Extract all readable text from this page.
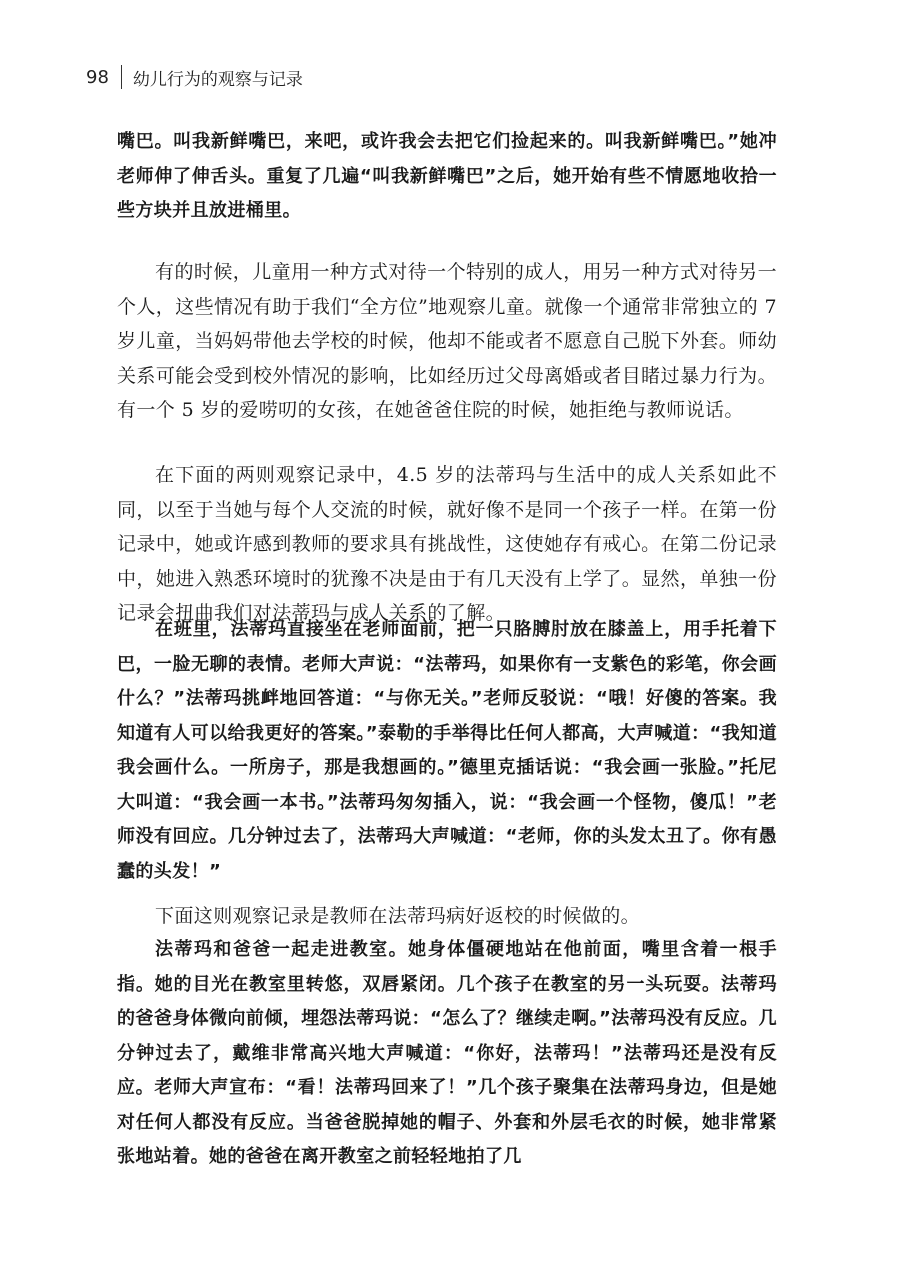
98 幼儿行为的观察与记录

嘴巴。叫我新鲜嘴巴，来吧，或许我会去把它们捡起来的。叫我新鲜嘴巴。”她冲老师伸了伸舌头。重复了几遍“叫我新鲜嘴巴”之后，她开始有些不情愿地收拾一些方块并且放进桶里。

有的时候，儿童用一种方式对待一个特别的成人，用另一种方式对待另一个人，这些情况有助于我们“全方位”地观察儿童。就像一个通常非常独立的 7 岁儿童，当妈妈带他去学校的时候，他却不能或者不愿意自己脱下外套。师幼关系可能会受到校外情况的影响，比如经历过父母离婚或者目睹过暴力行为。有一个 5 岁的爱唠叨的女孩，在她爸爸住院的时候，她拒绝与教师说话。

在下面的两则观察记录中，4.5 岁的法蒂玛与生活中的成人关系如此不同，以至于当她与每个人交流的时候，就好像不是同一个孩子一样。在第一份记录中，她或许感到教师的要求具有挑战性，这使她存有戒心。在第二份记录中，她进入熟悉环境时的犹豫不决是由于有几天没有上学了。显然，单独一份记录会扭曲我们对法蒂玛与成人关系的了解。

在班里，法蒂玛直接坐在老师面前，把一只胳膊肘放在膝盖上，用手托着下巴，一脸无聊的表情。老师大声说：“法蒂玛，如果你有一支紫色的彩笔，你会画什么？”法蒂玛挑衅地回答道：“与你无关。”老师反驳说：“哦！好傻的答案。我知道有人可以给我更好的答案。”泰勒的手举得比任何人都高，大声喊道：“我知道我会画什么。一所房子，那是我想画的。”德里克插话说：“我会画一张脸。”托尼大叫道：“我会画一本书。”法蒂玛匆匆插入，说：“我会画一个怪物，傻瓜！”老师没有回应。几分钟过去了，法蒂玛大声喊道：“老师，你的头发太丑了。你有愚蠢的头发！”

下面这则观察记录是教师在法蒂玛病好返校的时候做的。

法蒂玛和爸爸一起走进教室。她身体僵硬地站在他前面，嘴里含着一根手指。她的目光在教室里转悠，双唇紧闭。几个孩子在教室的另一头玩耍。法蒂玛的爸爸身体微向前倾，埋怨法蒂玛说：“怎么了？继续走啊。”法蒂玛没有反应。几分钟过去了，戴维非常高兴地大声喊道：“你好，法蒂玛！”法蒂玛还是没有反应。老师大声宣布：“看！法蒂玛回来了！”几个孩子聚集在法蒂玛身边，但是她对任何人都没有反应。当爸爸脱掉她的帽子、外套和外层毛衣的时候，她非常紧张地站着。她的爸爸在离开教室之前轻轻地拍了几
